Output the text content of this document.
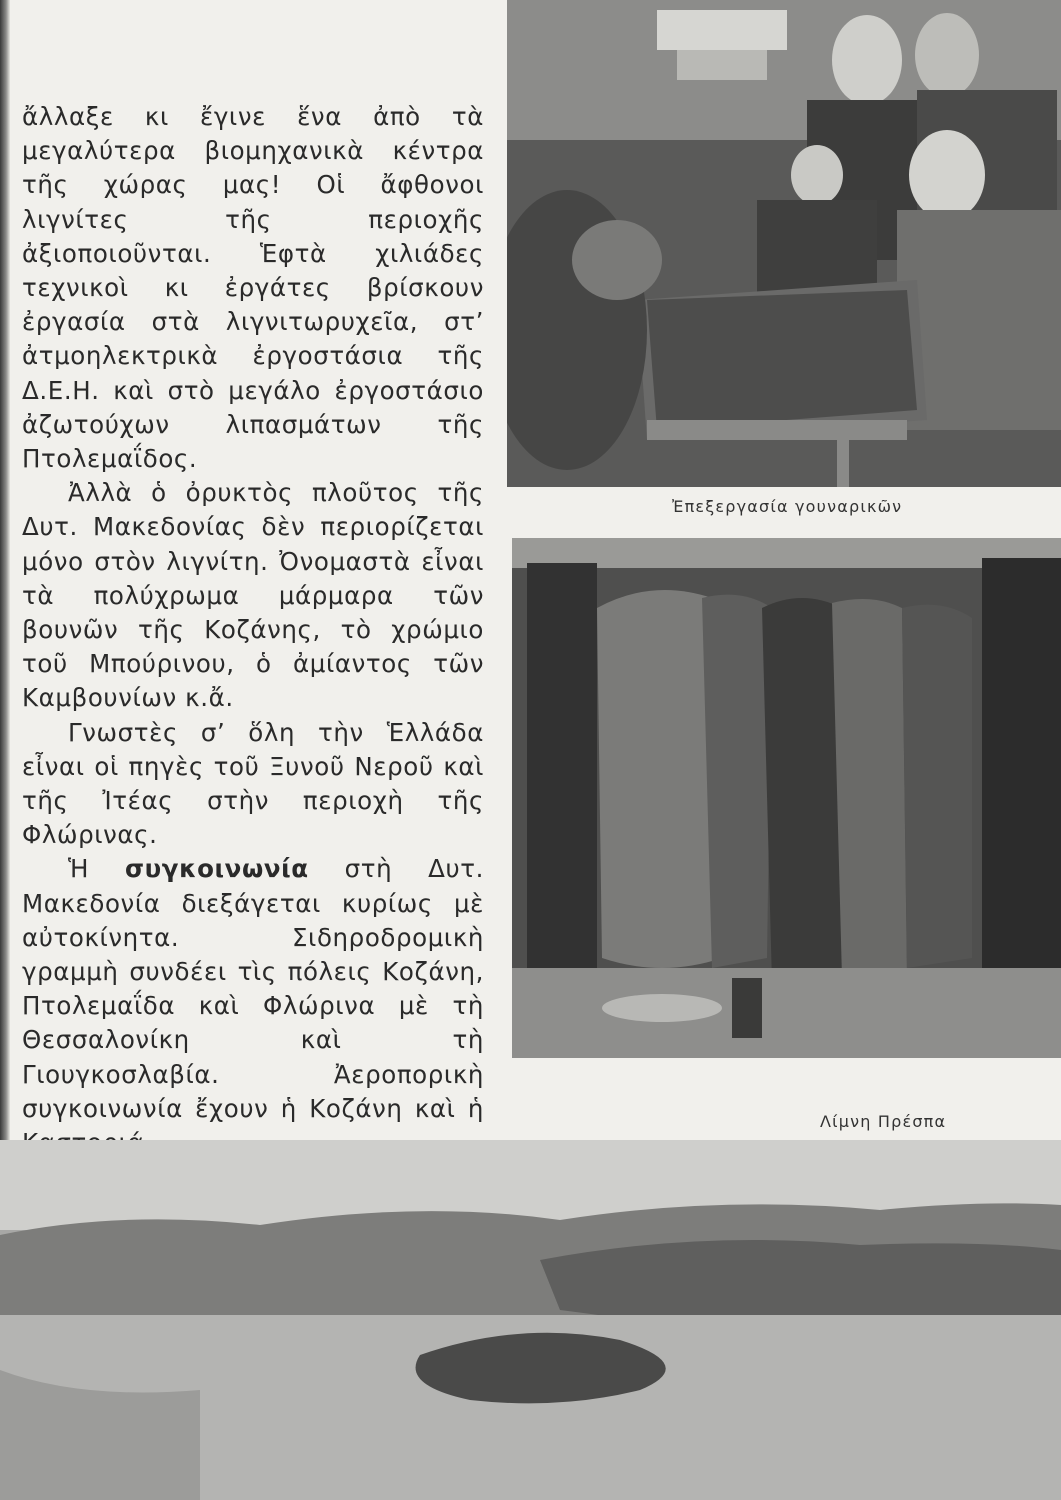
ἄλλαξε κι ἔγινε ἕνα ἀπὸ τὰ μεγαλύτερα βιομηχανικὰ κέντρα τῆς χώρας μας! Οἱ ἄφθονοι λιγνίτες τῆς περιοχῆς ἀξιοποιοῦνται. Ἑφτὰ χιλιάδες τεχνικοὶ κι ἐργάτες βρίσκουν ἐργασία στὰ λιγνιτωρυχεῖα, στ’ ἀτμοηλεκτρικὰ ἐργοστάσια τῆς Δ.Ε.Η. καὶ στὸ μεγάλο ἐργοστάσιο ἀζωτούχων λιπασμάτων τῆς Πτολεμαΐδος.

Ἀλλὰ ὁ ὀρυκτὸς πλοῦτος τῆς Δυτ. Μακεδονίας δὲν περιορίζεται μόνο στὸν λιγνίτη. Ὀνομαστὰ εἶναι τὰ πολύχρωμα μάρμαρα τῶν βουνῶν τῆς Κοζάνης, τὸ χρώμιο τοῦ Μπούρινου, ὁ ἀμίαντος τῶν Καμβουνίων κ.ἄ.

Γνωστὲς σ’ ὅλη τὴν Ἑλλάδα εἶναι οἱ πηγὲς τοῦ Ξυνοῦ Νεροῦ καὶ τῆς Ἰτέας στὴν περιοχὴ τῆς Φλώρινας.

Ἡ συγκοινωνία στὴ Δυτ. Μακεδονία διεξάγεται κυρίως μὲ αὐτοκίνητα. Σιδηροδρομικὴ γραμμὴ συνδέει τὶς πόλεις Κοζάνη, Πτολεμαΐδα καὶ Φλώρινα μὲ τὴ Θεσσαλονίκη καὶ τὴ Γιουγκοσλαβία. Ἀεροπορικὴ συγκοινωνία ἔχουν ἡ Κοζάνη καὶ ἡ

Ἐπεξεργασία γουναρικῶν
Λίμνη Πρέσπα
